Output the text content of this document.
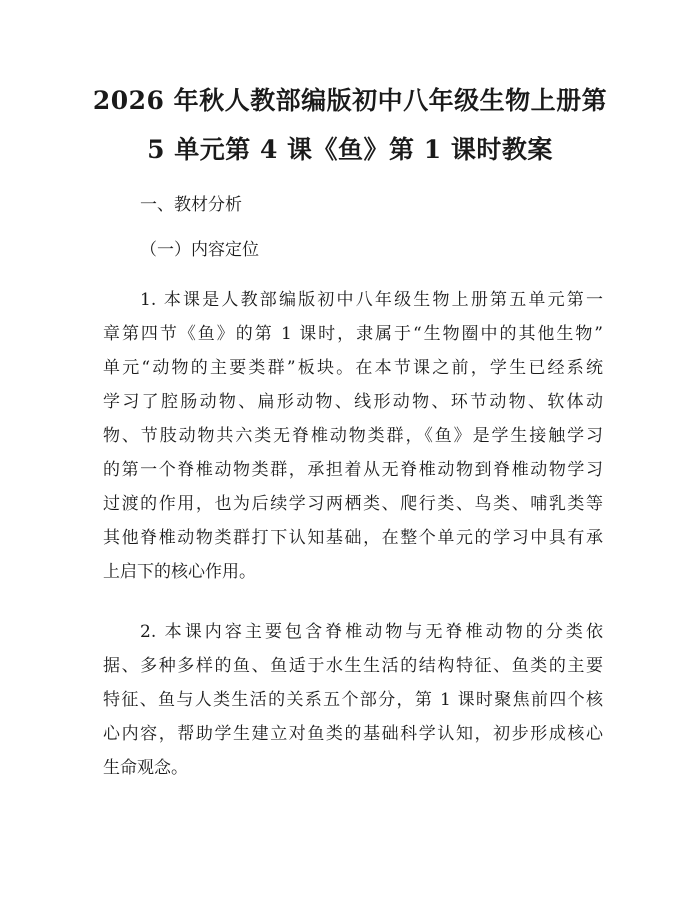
2026 年秋人教部编版初中八年级生物上册第
5 单元第 4 课《鱼》第 1 课时教案
一、教材分析
（一）内容定位
1. 本课是人教部编版初中八年级生物上册第五单元第一
章第四节《鱼》的第 1 课时，隶属于“生物圈中的其他生物”
单元“动物的主要类群”板块。在本节课之前，学生已经系统
学习了腔肠动物、扁形动物、线形动物、环节动物、软体动
物、节肢动物共六类无脊椎动物类群，《鱼》是学生接触学习
的第一个脊椎动物类群，承担着从无脊椎动物到脊椎动物学习
过渡的作用，也为后续学习两栖类、爬行类、鸟类、哺乳类等
其他脊椎动物类群打下认知基础，在整个单元的学习中具有承
上启下的核心作用。
2. 本课内容主要包含脊椎动物与无脊椎动物的分类依
据、多种多样的鱼、鱼适于水生生活的结构特征、鱼类的主要
特征、鱼与人类生活的关系五个部分，第 1 课时聚焦前四个核
心内容，帮助学生建立对鱼类的基础科学认知，初步形成核心
生命观念。
